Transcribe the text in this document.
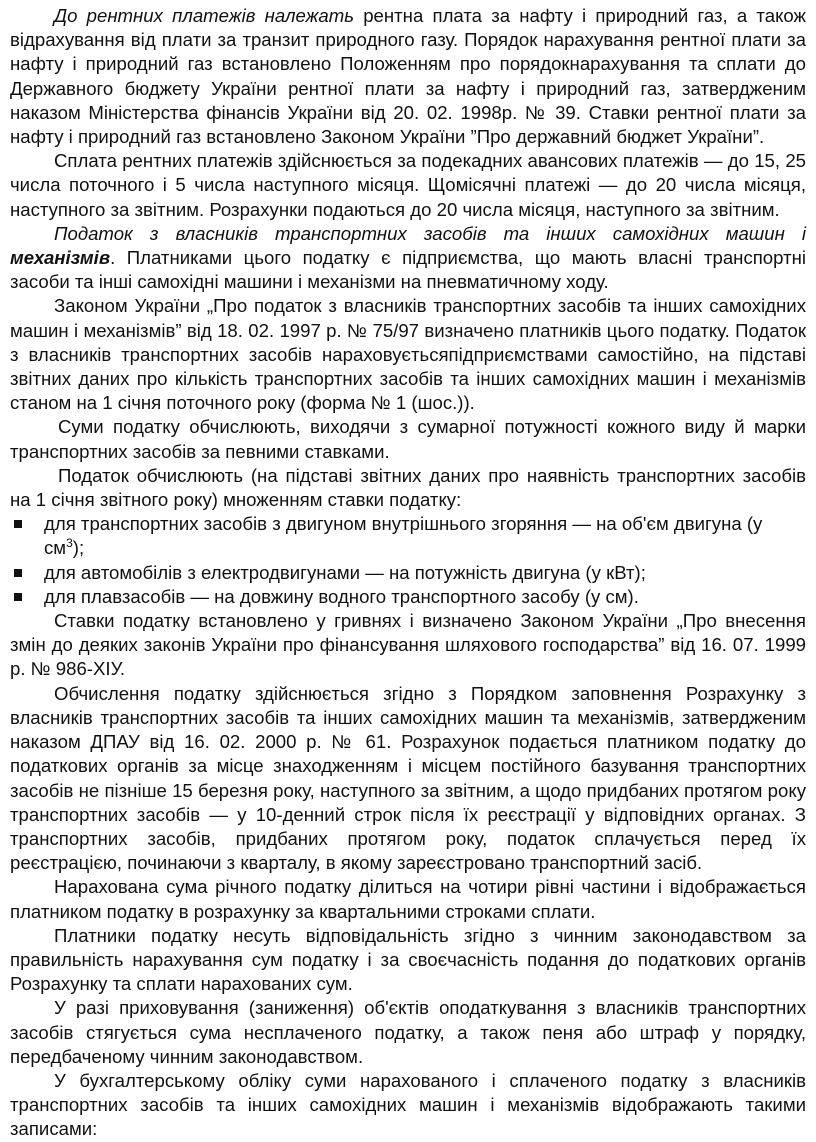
До рентних платежів належать рентна плата за нафту і природний газ, а також відрахування від плати за транзит природного газу. Порядок нарахування рентної плати за нафту і природний газ встановлено Положенням про порядокнарахування та сплати до Державного бюджету України рентної плати за нафту і природний газ, затвердженим наказом Міністерства фінансів України від 20. 02. 1998р. № 39. Ставки рентної плати за нафту і природний газ встановлено Законом України ”Про державний бюджет України”.

Сплата рентних платежів здійснюється за подекадних авансових платежів — до 15, 25 числа поточного і 5 числа наступного місяця. Щомісячні платежі — до 20 числа місяця, наступного за звітним. Розрахунки подаються до 20 числа місяця, наступного за звітним.

Податок з власників транспортних засобів та інших самохідних машин і механізмів. Платниками цього податку є підприємства, що мають власні транспортні засоби та інші самохідні машини і механізми на пневматичному ходу.

Законом України „Про податок з власників транспортних засобів та інших самохідних машин і механізмів” від 18. 02. 1997 р. № 75/97 визначено платників цього податку. Податок з власників транспортних засобів нараховуєтьсяпідприємствами самостійно, на підставі звітних даних про кількість транспортних засобів та інших самохідних машин і механізмів станом на 1 січня поточного року (форма № 1 (шос.)).

Суми податку обчислюють, виходячи з сумарної потужності кожного виду й марки транспортних засобів за певними ставками.

Податок обчислюють (на підставі звітних даних про наявність транспортних засобів на 1 січня звітного року) множенням ставки податку:

для транспортних засобів з двигуном внутрішнього згоряння — на об'єм двигуна (у $см^3$);
для автомобілів з електродвигунами — на потужність двигуна (у кВт);
для плавзасобів — на довжину водного транспортного засобу (у см).

Ставки податку встановлено у гривнях і визначено Законом України „Про внесення змін до деяких законів України про фінансування шляхового господарства” від 16. 07. 1999 р. № 986-XIУ.

Обчислення податку здійснюється згідно з Порядком заповнення Розрахунку з власників транспортних засобів та інших самохідних машин та механізмів, затвердженим наказом ДПАУ від 16. 02. 2000 р. № 61. Розрахунок подається платником податку до податкових органів за місце знаходженням і місцем постійного базування транспортних засобів не пізніше 15 березня року, наступного за звітним, а щодо придбаних протягом року транспортних засобів — у 10-денний строк після їх реєстрації у відповідних органах. З транспортних засобів, придбаних протягом року, податок сплачується перед їх реєстрацією, починаючи з кварталу, в якому зареєстровано транспортний засіб.

Нарахована сума річного податку ділиться на чотири рівні частини і відображається платником податку в розрахунку за квартальними строками сплати.

Платники податку несуть відповідальність згідно з чинним законодавством за правильність нарахування сум податку і за своєчасність подання до податкових органів Розрахунку та сплати нарахованих сум.

У разі приховування (заниження) об'єктів оподаткування з власників транспортних засобів стягується сума несплаченого податку, а також пеня або штраф у порядку, передбаченому чинним законодавством.

У бухгалтерському обліку суми нарахованого і сплаченого податку з власників транспортних засобів та інших самохідних машин і механізмів відображають такими записами:
